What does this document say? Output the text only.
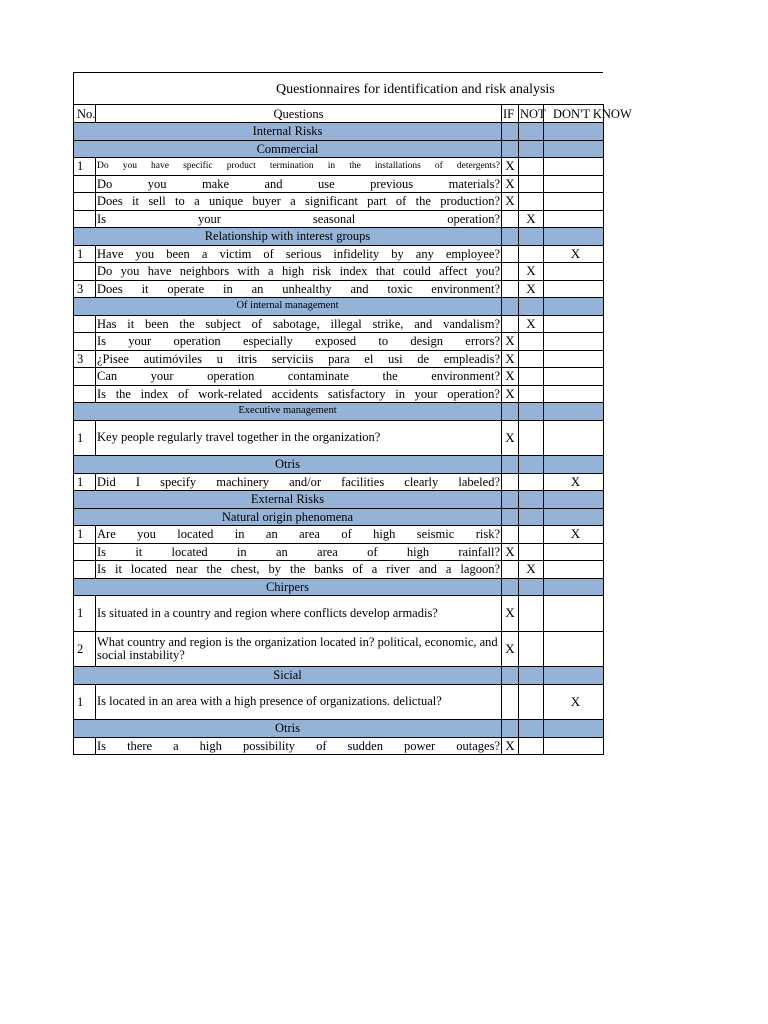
Questionnaires for identification and risk analysis
No.	Questions	IF	NOT	DON'T KNOW
Internal Risks				
Commercial				
1	Do you have specific product termination in the installations of detergents?	X		
	Do you make and use previous materials?	X		
	Does it sell to a unique buyer a significant part of the production?	X		
	Is your seasonal operation?		X	
Relationship with interest groups				
1	Have you been a victim of serious infidelity by any employee?			X
	Do you have neighbors with a high risk index that could affect you?		X	
3	Does it operate in an unhealthy and toxic environment?		X	
Of internal management				
	Has it been the subject of sabotage, illegal strike, and vandalism?		X	
	Is your operation especially exposed to design errors?	X		
3	¿Pisee autimóviles u itris serviciis para el usi de empleadis?	X		
	Can your operation contaminate the environment?	X		
	Is the index of work-related accidents satisfactory in your operation?	X		
Executive management				
1	Key people regularly travel together in the organization?	X		
Otris				
1	Did I specify machinery and/or facilities clearly labeled?			X
External Risks				
Natural origin phenomena				
1	Are you located in an area of high seismic risk?			X
	Is it located in an area of high rainfall?	X		
	Is it located near the chest, by the banks of a river and a lagoon?		X	
Chirpers				
1	Is situated in a country and region where conflicts develop armadis?	X		
2	What country and region is the organization located in? political, economic, and social instability?	X		
Sicial				
1	Is located in an area with a high presence of organizations. delictual?			X
Otris				
	Is there a high possibility of sudden power outages?	X		
